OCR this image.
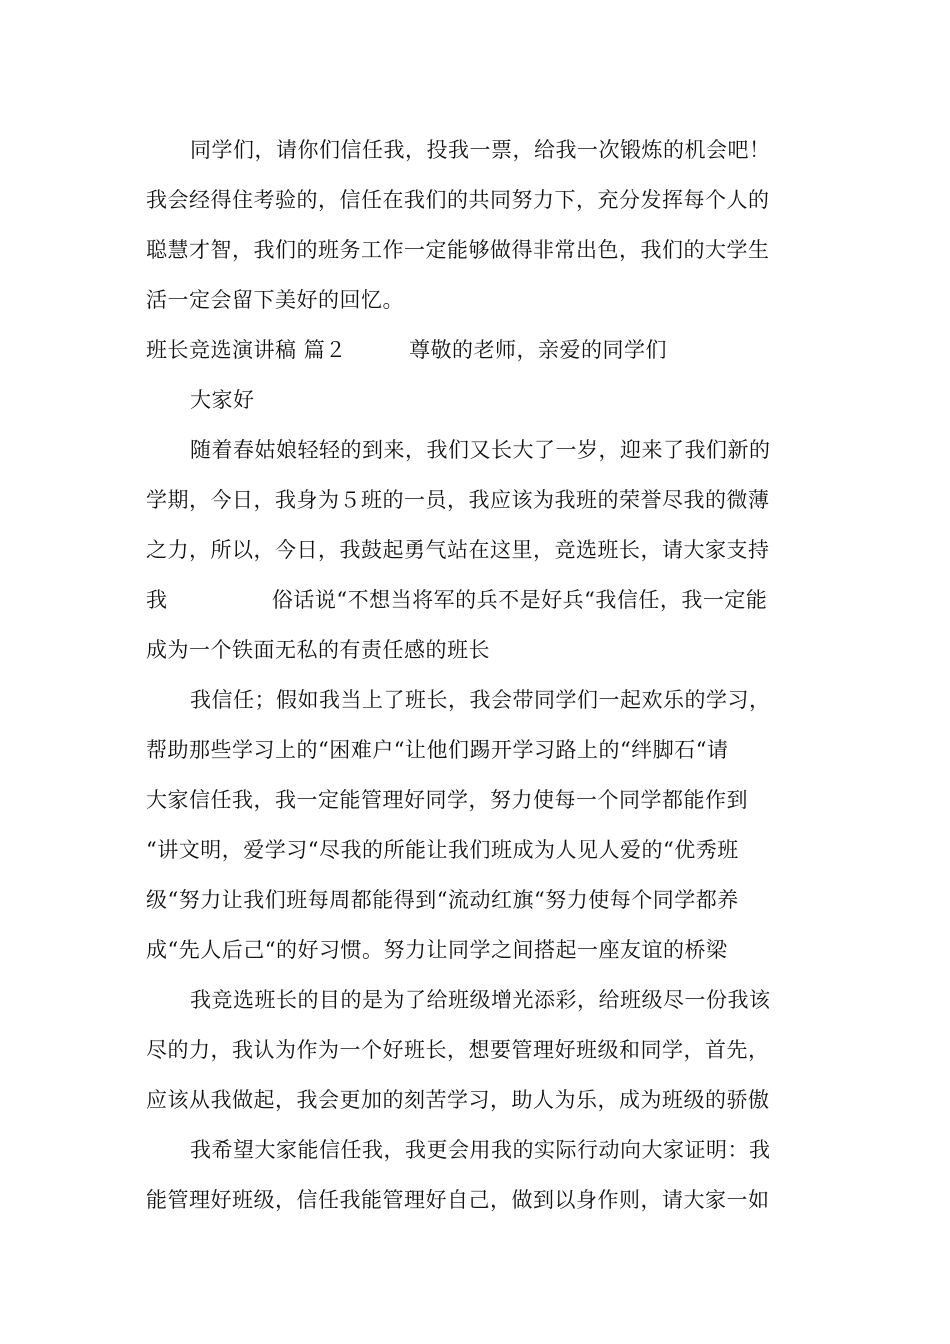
同学们，请你们信任我，投我一票，给我一次锻炼的机会吧！
我会经得住考验的，信任在我们的共同努力下，充分发挥每个人的
聪慧才智，我们的班务工作一定能够做得非常出色，我们的大学生
活一定会留下美好的回忆。
班长竞选演讲稿 篇２	尊敬的老师，亲爱的同学们
大家好
随着春姑娘轻轻的到来，我们又长大了一岁，迎来了我们新的
学期，今日，我身为５班的一员，我应该为我班的荣誉尽我的微薄
之力，所以，今日，我鼓起勇气站在这里，竞选班长，请大家支持
我	俗话说“不想当将军的兵不是好兵“我信任，我一定能
成为一个铁面无私的有责任感的班长
我信任；假如我当上了班长，我会带同学们一起欢乐的学习，
帮助那些学习上的“困难户“让他们踢开学习路上的“绊脚石“请
大家信任我，我一定能管理好同学，努力使每一个同学都能作到
“讲文明，爱学习“尽我的所能让我们班成为人见人爱的“优秀班
级“努力让我们班每周都能得到“流动红旗“努力使每个同学都养
成“先人后己“的好习惯。努力让同学之间搭起一座友谊的桥梁
我竞选班长的目的是为了给班级增光添彩，给班级尽一份我该
尽的力，我认为作为一个好班长，想要管理好班级和同学，首先，
应该从我做起，我会更加的刻苦学习，助人为乐，成为班级的骄傲
我希望大家能信任我，我更会用我的实际行动向大家证明：我
能管理好班级，信任我能管理好自己，做到以身作则，请大家一如
